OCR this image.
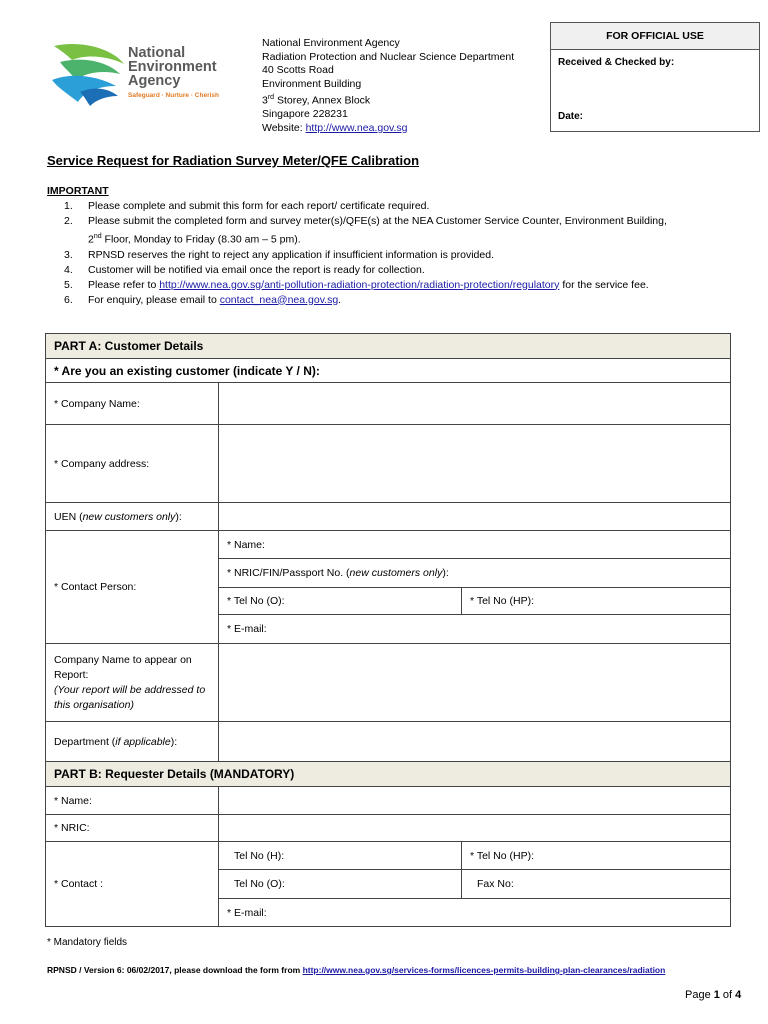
National
Environment
Agency
Safeguard · Nurture · Cherish
National Environment Agency
Radiation Protection and Nuclear Science Department
40 Scotts Road
Environment Building
3rd Storey, Annex Block
Singapore 228231
Website: http://www.nea.gov.sg
FOR OFFICIAL USE
Received & Checked by:
Date:
Service Request for Radiation Survey Meter/QFE Calibration
IMPORTANT
1. Please complete and submit this form for each report/ certificate required.
2. Please submit the completed form and survey meter(s)/QFE(s) at the NEA Customer Service Counter, Environment Building,
2nd Floor, Monday to Friday (8.30 am – 5 pm).
3. RPNSD reserves the right to reject any application if insufficient information is provided.
4. Customer will be notified via email once the report is ready for collection.
5. Please refer to http://www.nea.gov.sg/anti-pollution-radiation-protection/radiation-protection/regulatory for the service fee.
6. For enquiry, please email to contact_nea@nea.gov.sg.
PART A: Customer Details		
* Are you an existing customer (indicate Y / N):		
* Company Name:		
* Company address:		
UEN (new customers only):		
* Contact Person:	* Name:	
	* NRIC/FIN/Passport No. (new customers only):	
	* Tel No (O):	* Tel No (HP):
	* E-mail:	

Company Name to appear on Report:
(Your report will be addressed to this organisation)		

Department (if applicable):		
PART B: Requester Details (MANDATORY)		
* Name:		
* NRIC:		
* Contact :	Tel No (H):	* Tel No (HP):
	Tel No (O):	Fax No:
	* E-mail:	
* Mandatory fields
RPNSD / Version 6: 06/02/2017, please download the form from http://www.nea.gov.sg/services-forms/licences-permits-building-plan-clearances/radiation
Page 1 of 4
